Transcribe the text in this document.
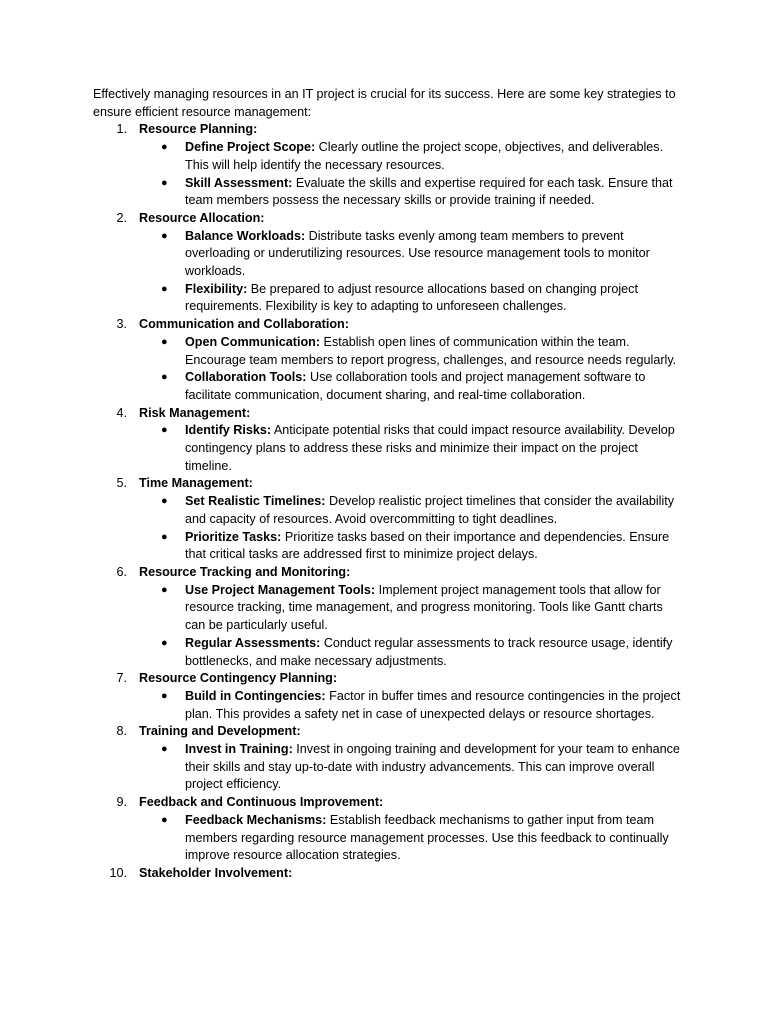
Effectively managing resources in an IT project is crucial for its success. Here are some key strategies to ensure efficient resource management:

1. Resource Planning:
● Define Project Scope: Clearly outline the project scope, objectives, and deliverables. This will help identify the necessary resources.
● Skill Assessment: Evaluate the skills and expertise required for each task. Ensure that team members possess the necessary skills or provide training if needed.
2. Resource Allocation:
● Balance Workloads: Distribute tasks evenly among team members to prevent overloading or underutilizing resources. Use resource management tools to monitor workloads.
● Flexibility: Be prepared to adjust resource allocations based on changing project requirements. Flexibility is key to adapting to unforeseen challenges.
3. Communication and Collaboration:
● Open Communication: Establish open lines of communication within the team. Encourage team members to report progress, challenges, and resource needs regularly.
● Collaboration Tools: Use collaboration tools and project management software to facilitate communication, document sharing, and real-time collaboration.
4. Risk Management:
● Identify Risks: Anticipate potential risks that could impact resource availability. Develop contingency plans to address these risks and minimize their impact on the project timeline.
5. Time Management:
● Set Realistic Timelines: Develop realistic project timelines that consider the availability and capacity of resources. Avoid overcommitting to tight deadlines.
● Prioritize Tasks: Prioritize tasks based on their importance and dependencies. Ensure that critical tasks are addressed first to minimize project delays.
6. Resource Tracking and Monitoring:
● Use Project Management Tools: Implement project management tools that allow for resource tracking, time management, and progress monitoring. Tools like Gantt charts can be particularly useful.
● Regular Assessments: Conduct regular assessments to track resource usage, identify bottlenecks, and make necessary adjustments.
7. Resource Contingency Planning:
● Build in Contingencies: Factor in buffer times and resource contingencies in the project plan. This provides a safety net in case of unexpected delays or resource shortages.
8. Training and Development:
● Invest in Training: Invest in ongoing training and development for your team to enhance their skills and stay up-to-date with industry advancements. This can improve overall project efficiency.
9. Feedback and Continuous Improvement:
● Feedback Mechanisms: Establish feedback mechanisms to gather input from team members regarding resource management processes. Use this feedback to continually improve resource allocation strategies.
10. Stakeholder Involvement:
